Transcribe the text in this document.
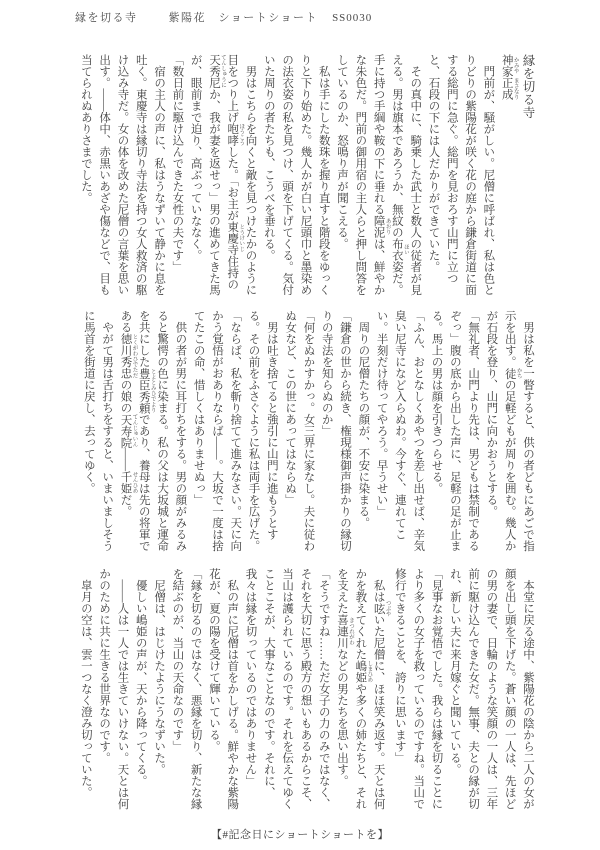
縁を切る寺	紫陽花　ショートショート SS0030

縁を切る寺

神家 かみや正成 まさなり

　門前が、騒がしい。尼僧に呼ばれ、私は色とりどりの紫陽花が咲く花の庭から鎌倉街道に面する総門に急ぐ。総門を見おろす山門に立つと、石段の下には人だかりができていた。

　その真中に、騎乗した武士と数人の従者が見える。男は旗本であろうか、無紋の布衣 ほい姿だ。手に持つ手綱や鞍の下に垂れる障泥 あおりは、鮮やかな朱色だ。門前の御用宿の主人らと押し問答をしているのか、怒鳴り声が聞こえる。

　私は手にした数珠を握り直すと階段をゆっくりと下り始めた。幾人かが白い尼頭巾と墨染めの法衣姿の私を見つけ、頭を下げてくる。気付いた周りの者たちも、こうべを垂れる。

　男はこちらを向くと敵を見つけたかのように目をつり上げ咆哮 ほうこうした。「お主が東慶寺 とうけいじ住持の天秀尼 てんしゅうにか、我が妻を返せっ」男の進めてきた馬が、眼前まで迫り、高ぶっていななく。

「数日前に駆け込んできた女性の夫です」

　宿の主人の声に、私はうなずいて静かに息を吐く。東慶寺は縁切り寺法を持つ女人救済の駆け込み寺だ。女の体を改めた尼僧の言葉を思い出す。――体中、赤黒いあざや傷などで、目も当てられぬありさまでした。

　男は私を一瞥すると、供の者どもにあごで指示を出す。徒 かちの足軽どもが周りを囲む。幾人かが石段を登り、山門に向かおうとする。

「無礼者、山門より先は、男どもは禁制であるぞっ」腹の底から出した声に、足軽の足が止まる。馬上の男は顔を引きつらせる。

「ふん、おとなしくあやつを差し出せば、辛気臭い尼寺になど入らぬわ。今すぐ、連れてこい。半刻だけ待ってやろう。早うせい」

　周りの尼僧たちの顔が、不安に染まる。

「鎌倉の世から続き、権現様御声掛かりの縁切りの寺法を知らぬのか」

「何をぬかすかっ。女三界に家なし。夫に従わぬ女など、この世にあってはならぬ」

　男は吐き捨てると強引に山門に進もうとする。その前をふさぐように私は両手を広げた。

「ならば、私を斬り捨てて進みなさい。天に向かう覚悟がおありならば――。大坂で一度は捨てたこの命、惜しくはありませぬっ」

　供の者が男に耳打ちをする。男の顔がみるみると驚愕の色に染まる。私の父は大坂城と運命を共にした豊臣秀頼 とよとみひでよりであり、養母は先の将軍である徳川秀忠 とくがわひでただの娘の天寿院 てんじゅいん――千姫 せんひめだ。

　やがて男は舌打ちをすると、いまいましそうに馬首を街道に戻し、去ってゆく。

　本堂に戻る途中、紫陽花の陰から二人の女が顔を出し頭を下げた。蒼い顔の一人は、先ほどの男の妻で、日輪のような笑顔の一人は、三年前に駆け込んできた女だ。無事、夫との縁が切れ、新しい夫に来月嫁ぐと聞いている。

「見事なお覚悟でした。我らは縁を切ることにより多くの女子を救っているのですね。当山で修行できることを、誇りに思います」

　私は呟 つぶやいた尼僧に、ほほ笑み返す。天とは何かを教えてくれた嶋姫 しまひめや多くの姉たちと、それを支えた喜連川 きつれがわなどの男たちを思い出す。

「そうですね……ただ女子の力のみではなく、それを大切に思う殿方の想いもあるからこそ、当山は護られているのです。それを伝えてゆくことこそが、大事なことなのです。それに、我々は縁を切っているのではありません」

　私の声に尼僧は首をかしげる。鮮やかな紫陽花が、夏の陽を受けて輝いている。

「縁を切るのではなく、悪縁を切り、新たな縁を結ぶのが、当山の天命なのです」

　尼僧は、はじけたようにうなずいた。

　優しい嶋姫の声が、天から降ってくる。

　――人は一人では生きていけない。天とは何かのために共に生きる世界なのです。

　皐月の空は、雲一つなく澄み切っていた。

【#記念日にショートショートを】
